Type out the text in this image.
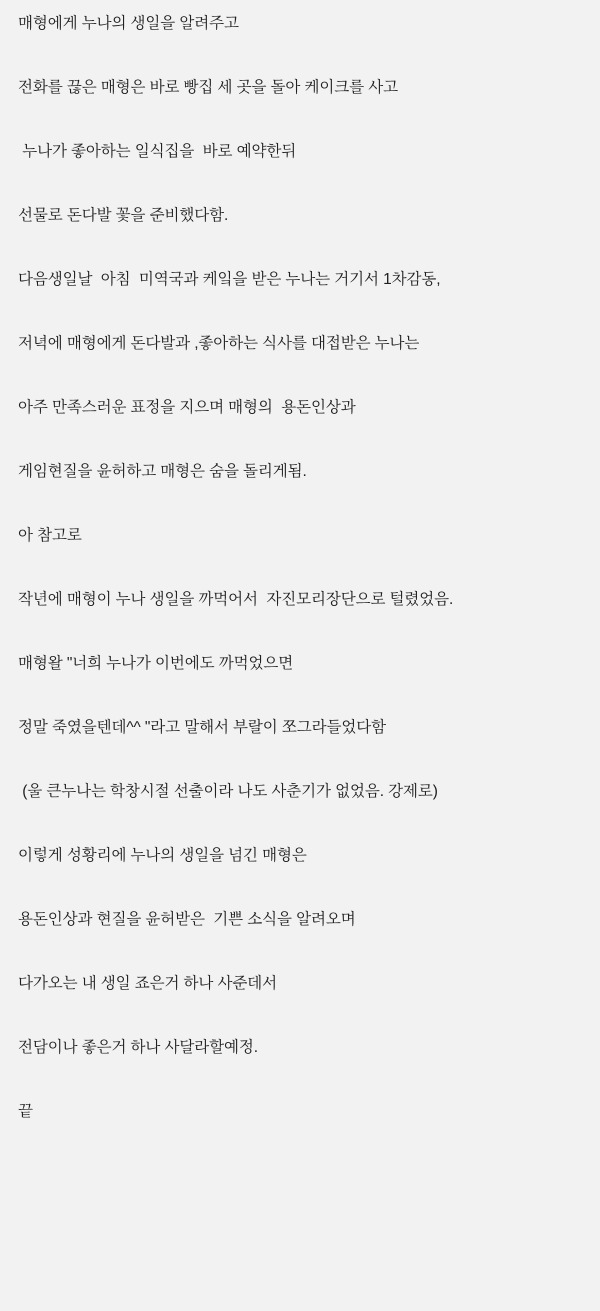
매형에게 누나의 생일을 알려주고

전화를 끊은 매형은 바로 빵집 세 곳을 돌아 케이크를 사고

누나가 좋아하는 일식집을  바로 예약한뒤

선물로 돈다발 꽃을 준비했다함.

다음생일날  아침  미역국과 케잌을 받은 누나는 거기서 1차감동,

저녁에 매형에게 돈다발과 ,좋아하는 식사를 대접받은 누나는

아주 만족스러운 표정을 지으며 매형의  용돈인상과

게임현질을 윤허하고 매형은 숨을 돌리게됨.

아 참고로

작년에 매형이 누나 생일을 까먹어서  자진모리장단으로 털렸었음.

매형왈 "너희 누나가 이번에도 까먹었으면

정말 죽였을텐데^^ "라고 말해서 부랄이 쪼그라들었다함

(울 큰누나는 학창시절 선출이라 나도 사춘기가 없었음. 강제로)

이렇게 성황리에 누나의 생일을 넘긴 매형은

용돈인상과 현질을 윤허받은  기쁜 소식을 알려오며

다가오는 내 생일 죠은거 하나 사준데서

전담이나 좋은거 하나 사달라할예정.

끝
